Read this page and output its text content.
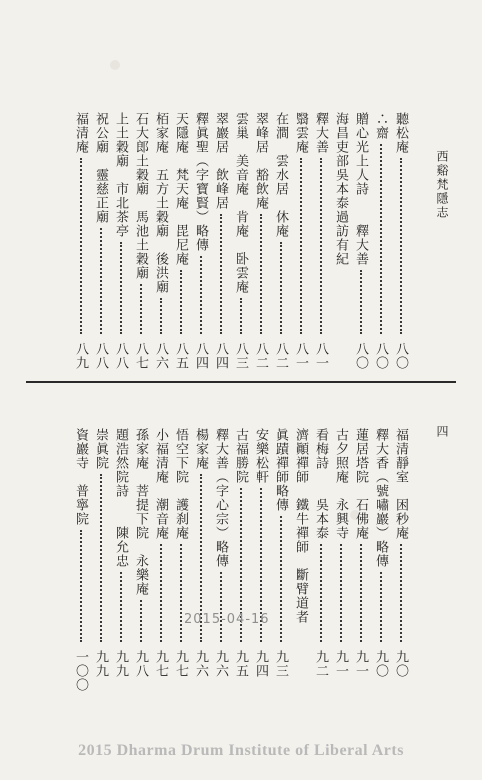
西谿梵隱志
四
聽松庵
八〇
∴齋
八〇
贈心光上人詩　　釋大善
八〇
海昌吏部吳本泰過訪有紀
釋大善
八一
翳雲庵
八一
在澗　雲水居　休庵
八二
翠峰居　豁飲庵
八二
雲巢　美音庵　肯庵　卧雲庵
八三
翠巖居　飲峰居
八四
釋眞聖（字寶賢）略傳
八四
天隱庵　梵天庵　毘尼庵
八五
栢家庵　五方土穀廟　後洪廟
八六
石大郎土穀廟　馬池土穀廟
八七
上土穀廟　市北茶亭
八八
祝公廟　靈慈正廟
八八
福清庵
八九
福清靜室　困秒庵
九〇
釋大香（號嘯巖）略傳
九〇
蓮居塔院　石佛庵
九一
古夕照庵　永興寺
九一
看梅詩　　吳本泰
九二
濟顚禪師　鐵牛禪師　斷臂道者
眞蹟禪師略傳
九三
安樂松軒
九四
古福勝院
九五
釋大善（字心宗）略傳
九六
楊家庵
九六
悟空下院　護刹庵
九七
小福清庵　潮音庵
九七
孫家庵　菩提下院　永樂庵
九八
題浩然院詩　　陳允忠
九九
崇眞院
九九
資巖寺　普寧院
一〇〇
2015-04-16
2015 Dharma Drum Institute of Liberal Arts
